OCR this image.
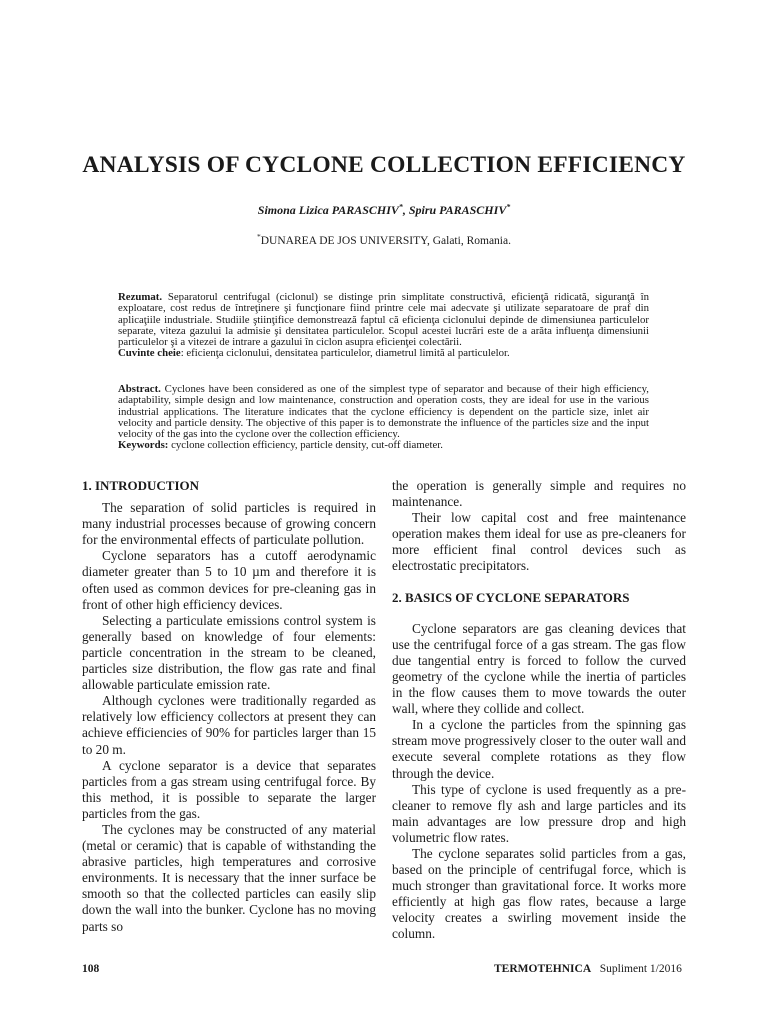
ANALYSIS OF CYCLONE COLLECTION EFFICIENCY
Simona Lizica PARASCHIV*, Spiru PARASCHIV*
*DUNAREA DE JOS UNIVERSITY, Galati, Romania.
Rezumat. Separatorul centrifugal (ciclonul) se distinge prin simplitate constructivă, eficienţă ridicată, siguranţă în exploatare, cost redus de întreţinere şi funcţionare fiind printre cele mai adecvate şi utilizate separatoare de praf din aplicaţiile industriale. Studiile ştiinţifice demonstrează faptul că eficienţa ciclonului depinde de dimensiunea particulelor separate, viteza gazului la admisie şi densitatea particulelor. Scopul acestei lucrări este de a arăta influenţa dimensiunii particulelor şi a vitezei de intrare a gazului în ciclon asupra eficienţei colectării.
Cuvinte cheie: eficienţa ciclonului, densitatea particulelor, diametrul limită al particulelor.
Abstract. Cyclones have been considered as one of the simplest type of separator and because of their high efficiency, adaptability, simple design and low maintenance, construction and operation costs, they are ideal for use in the various industrial applications. The literature indicates that the cyclone efficiency is dependent on the particle size, inlet air velocity and particle density. The objective of this paper is to demonstrate the influence of the particles size and the input velocity of the gas into the cyclone over the collection efficiency.
Keywords: cyclone collection efficiency, particle density, cut-off diameter.
1. INTRODUCTION

The separation of solid particles is required in many industrial processes because of growing concern for the environmental effects of particulate pollution.

Cyclone separators has a cutoff aerodynamic diameter greater than 5 to 10 µm and therefore it is often used as common devices for pre-cleaning gas in front of other high efficiency devices.

Selecting a particulate emissions control system is generally based on knowledge of four elements: particle concentration in the stream to be cleaned, particles size distribution, the flow gas rate and final allowable particulate emission rate.

Although cyclones were traditionally regarded as relatively low efficiency collectors at present they can achieve efficiencies of 90% for particles larger than 15 to 20 m.

A cyclone separator is a device that separates particles from a gas stream using centrifugal force. By this method, it is possible to separate the larger particles from the gas.

The cyclones may be constructed of any material (metal or ceramic) that is capable of withstanding the abrasive particles, high temperatures and corrosive environments. It is necessary that the inner surface be smooth so that the collected particles can easily slip down the wall into the bunker. Cyclone has no moving parts so

the operation is generally simple and requires no maintenance.

Their low capital cost and free maintenance operation makes them ideal for use as pre-cleaners for more efficient final control devices such as electrostatic precipitators.

2. BASICS OF CYCLONE SEPARATORS

Cyclone separators are gas cleaning devices that use the centrifugal force of a gas stream. The gas flow due tangential entry is forced to follow the curved geometry of the cyclone while the inertia of particles in the flow causes them to move towards the outer wall, where they collide and collect.

In a cyclone the particles from the spinning gas stream move progressively closer to the outer wall and execute several complete rotations as they flow through the device.

This type of cyclone is used frequently as a pre-cleaner to remove fly ash and large particles and its main advantages are low pressure drop and high volumetric flow rates.

The cyclone separates solid particles from a gas, based on the principle of centrifugal force, which is much stronger than gravitational force. It works more efficiently at high gas flow rates, because a large velocity creates a swirling movement inside the column.

108	TERMOTEHNICA Supliment 1/2016
